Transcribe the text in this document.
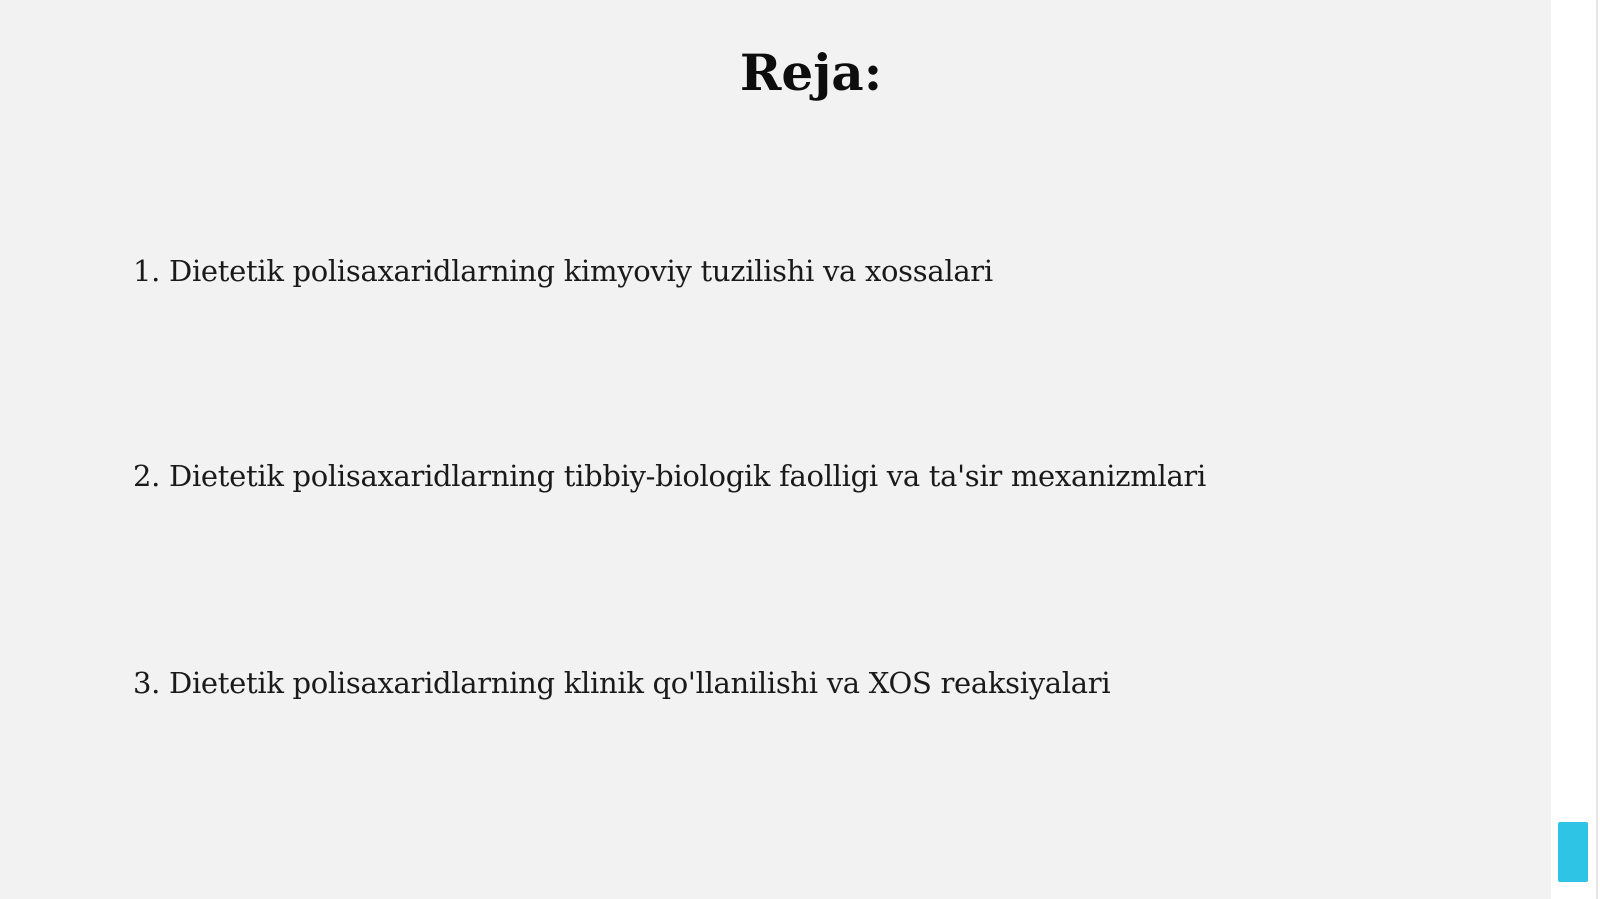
Reja:

1. Dietetik polisaxaridlarning kimyoviy tuzilishi va xossalari

2. Dietetik polisaxaridlarning tibbiy-biologik faolligi va ta'sir mexanizmlari

3. Dietetik polisaxaridlarning klinik qo'llanilishi va XOS reaksiyalari
